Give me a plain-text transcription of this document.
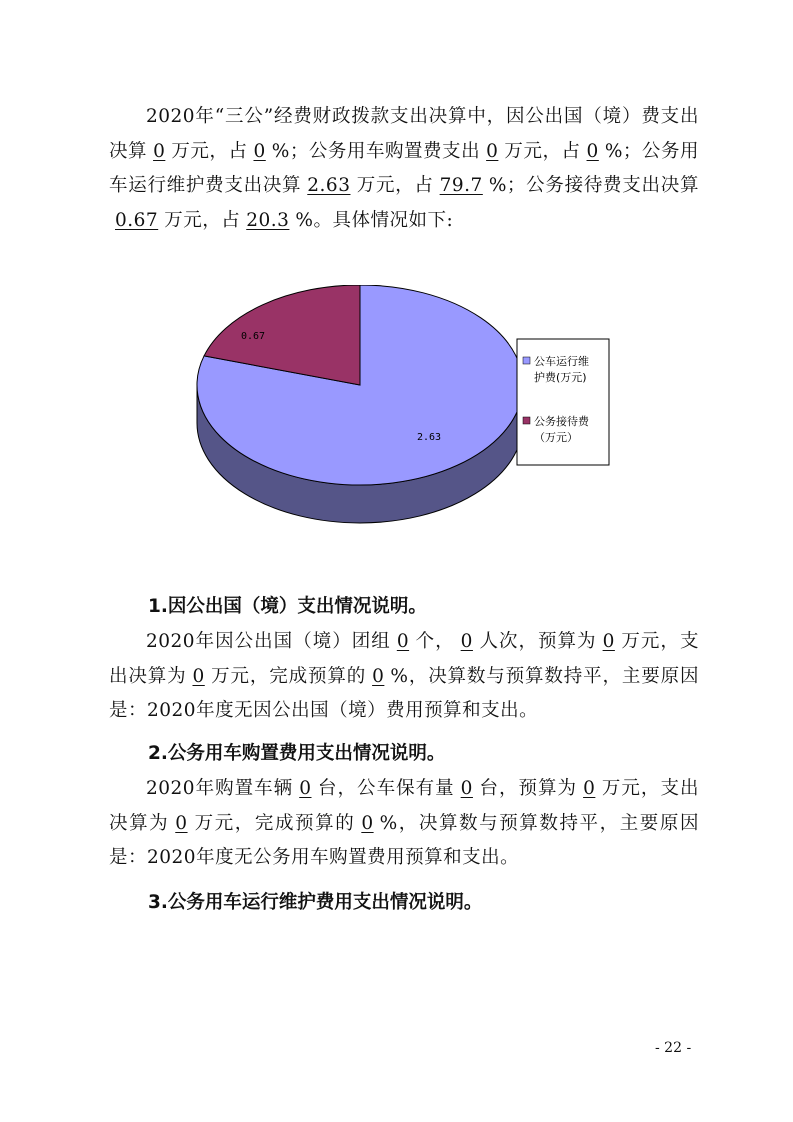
2020年“三公”经费财政拨款支出决算中，因公出国（境）费支出决算 0 万元，占 0 %；公务用车购置费支出 0 万元，占 0 %；公务用车运行维护费支出决算 2.63 万元，占 79.7 %；公务接待费支出决算0.67 万元，占 20.3 %。具体情况如下:

2.63
0.67
公车运行维
护费(万元)
公务接待费
（万元）

1.因公出国（境）支出情况说明。

2020年因公出国（境）团组 0 个， 0 人次，预算为 0 万元，支出决算为 0 万元，完成预算的 0 %，决算数与预算数持平，主要原因是：2020年度无因公出国（境）费用预算和支出。

2.公务用车购置费用支出情况说明。

2020年购置车辆 0 台，公车保有量 0 台，预算为 0 万元，支出决算为 0 万元，完成预算的 0 %，决算数与预算数持平，主要原因是：2020年度无公务用车购置费用预算和支出。

3.公务用车运行维护费用支出情况说明。

- 22 -
